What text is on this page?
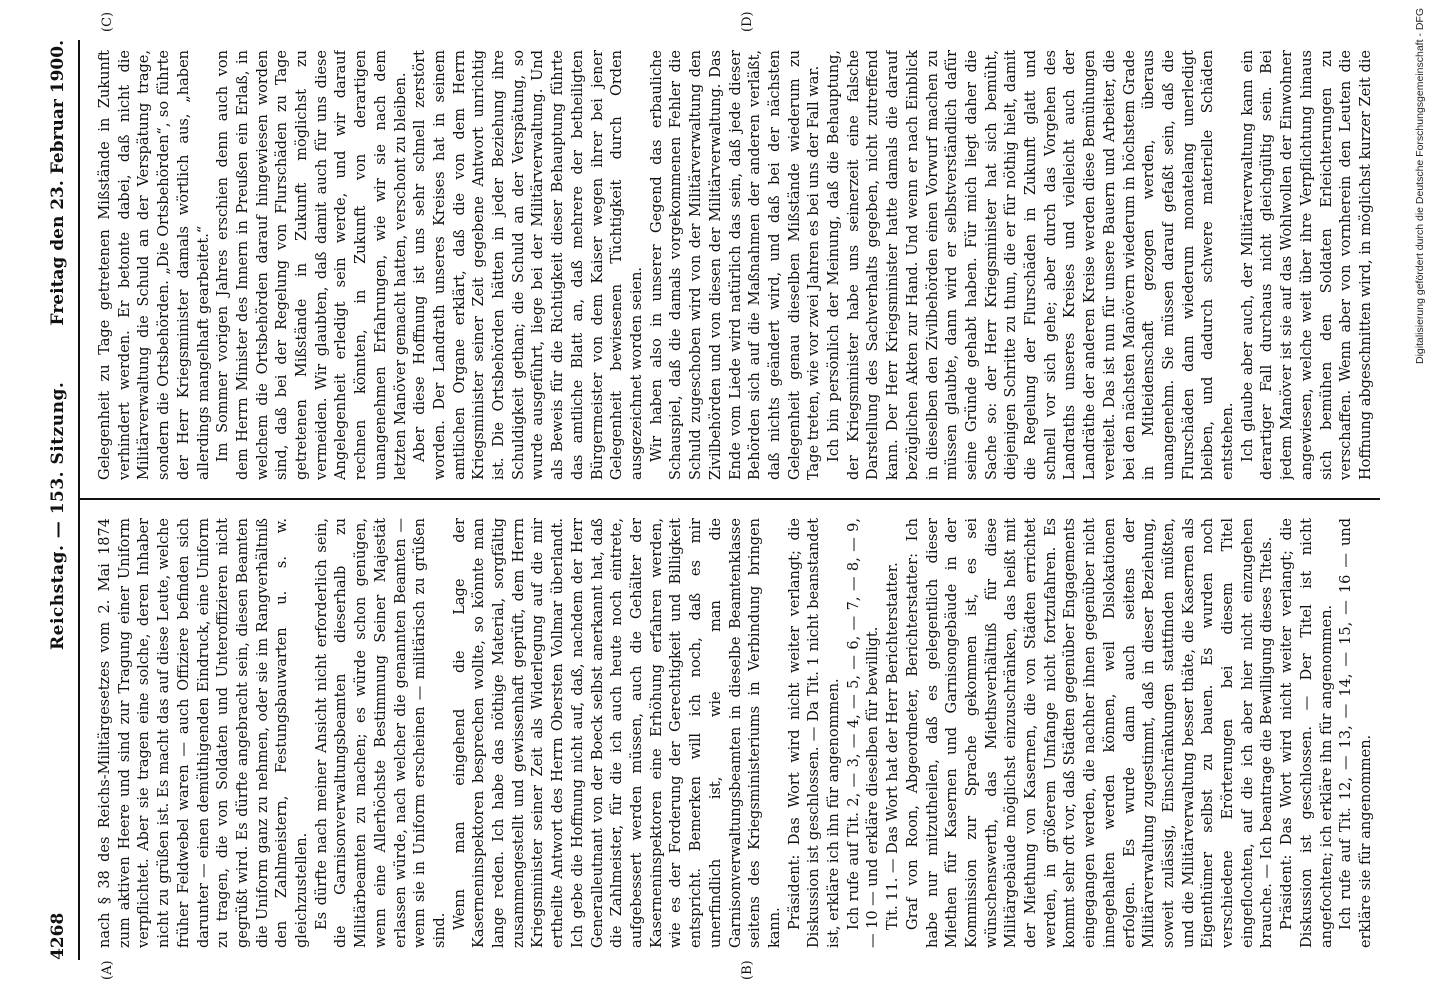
4268
Reichstag. — 153. Sitzung.
Freitag den 23. Februar 1900.
(A)	(B)
(C)	(D)

nach § 38 des Reichs-Militärgesetzes vom 2. Mai 1874 zum aktiven Heere und sind zur Tragung einer Uniform verpflichtet. Aber sie tragen eine solche, deren Inhaber nicht zu grüßen ist. Es macht das auf diese Leute, welche früher Feldwebel waren — auch Offiziere befinden sich darunter — einen demüthigenden Eindruck, eine Uniform zu tragen, die von Soldaten und Unteroffizieren nicht gegrüßt wird. Es dürfte angebracht sein, diesen Beamten die Uniform ganz zu nehmen, oder sie im Rangverhältniß den Zahlmeistern, Festungsbauwarten u. s. w. gleichzustellen. Es dürfte nach meiner Ansicht nicht erforderlich sein, die Garnisonverwaltungsbeamten dieserhalb zu Militärbeamten zu machen; es würde schon genügen, wenn eine Allerhöchste Bestimmung Seiner Majestät erlassen würde, nach welcher die genannten Beamten — wenn sie in Uniform erscheinen — militärisch zu grüßen sind.

Wenn man eingehend die Lage der Kaserneninspektoren besprechen wollte, so könnte man lange reden. Ich habe das nöthige Material, sorgfältig zusammengestellt und gewissenhaft geprüft, dem Herrn Kriegsminister seiner Zeit als Widerlegung auf die mir ertheilte Antwort des Herrn Obersten Vollmar überlandt. Ich gebe die Hoffnung nicht auf, daß, nachdem der Herr Generalleutnant von der Boeck selbst anerkannt hat, daß die Zahlmeister, für die ich auch heute noch eintrete, aufgebessert werden müssen, auch die Gehälter der Kaserneninspektoren eine Erhöhung erfahren werden, wie es der Forderung der Gerechtigkeit und Billigkeit entspricht. Bemerken will ich noch, daß es mir unerfindlich ist, wie man die Garnisonverwaltungsbeamten in dieselbe Beamtenklasse seitens des Kriegsministeriums in Verbindung bringen kann. Präsident: Das Wort wird nicht weiter verlangt; die Diskussion ist geschlossen. — Da Tit. 1 nicht beanstandet ist, erkläre ich ihn für angenommen. Ich rufe auf Tit. 2, — 3, — 4, — 5, — 6, — 7, — 8, — 9, — 10 — und erkläre dieselben für bewilligt. Tit. 11. — Das Wort hat der Herr Berichterstatter. Graf von Roon, Abgeordneter, Berichterstatter: Ich habe nur mitzutheilen, daß es gelegentlich dieser Miethen für Kasernen und Garnisongebäude in der Kommission zur Sprache gekommen ist, es sei wünschenswerth, das Miethsverhältniß für diese Militärgebäude möglichst einzuschränken, das heißt mit der Miethung von Kasernen, die von Städten errichtet werden, in größerem Umfange nicht fortzufahren. Es kommt sehr oft vor, daß Städten gegenüber Engagements eingegangen werden, die nachher ihnen gegenüber nicht innegehalten werden können, weil Dislokationen erfolgen. Es wurde dann auch seitens der Militärverwaltung zugestimmt, daß in dieser Beziehung, soweit zulässig, Einschränkungen stattfinden müßten, und die Militärverwaltung besser thäte, die Kasernen als Eigenthümer selbst zu bauen. Es wurden noch verschiedene Erörterungen bei diesem Titel eingeflochten, auf die ich aber hier nicht einzugehen brauche. — Ich beantrage die Bewilligung dieses Titels. Präsident: Das Wort wird nicht weiter verlangt; die Diskussion ist geschlossen. — Der Titel ist nicht angefochten; ich erkläre ihn für angenommen. Ich rufe auf Tit. 12, — 13, — 14, — 15, — 16 — und erkläre sie für angenommen.

Gelegenheit zu Tage getretenen Mißstände in Zukunft verhindert werden. Er betonte dabei, daß nicht die Militärverwaltung die Schuld an der Verspätung trage, sondern die Ortsbehörden. „Die Ortsbehörden“, so führte der Herr Kriegsminister damals wörtlich aus, „haben allerdings mangelhaft gearbeitet.“ Im Sommer vorigen Jahres erschien denn auch von dem Herrn Minister des Innern in Preußen ein Erlaß, in welchem die Ortsbehörden darauf hingewiesen worden sind, daß bei der Regelung von Flurschäden zu Tage getretenen Mißstände in Zukunft möglichst zu vermeiden. Wir glaubten, daß damit auch für uns diese Angelegenheit erledigt sein werde, und wir darauf rechnen könnten, in Zukunft von derartigen unangenehmen Erfahrungen, wie wir sie nach dem letzten Manöver gemacht hatten, verschont zu bleiben. Aber diese Hoffnung ist uns sehr schnell zerstört worden. Der Landrath unseres Kreises hat in seinem amtlichen Organe erklärt, daß die von dem Herrn Kriegsminister seiner Zeit gegebene Antwort unrichtig ist. Die Ortsbehörden hätten in jeder Beziehung ihre Schuldigkeit gethan; die Schuld an der Verspätung, so wurde ausgeführt, liege bei der Militärverwaltung. Und als Beweis für die Richtigkeit dieser Behauptung führte das amtliche Blatt an, daß mehrere der betheiligten Bürgermeister von dem Kaiser wegen ihrer bei jener Gelegenheit bewiesenen Tüchtigkeit durch Orden ausgezeichnet worden seien. Wir haben also in unserer Gegend das erbauliche Schauspiel, daß die damals vorgekommenen Fehler die Schuld zugeschoben wird von der Militärverwaltung den Zivilbehörden und von diesen der Militärverwaltung. Das Ende vom Liede wird natürlich das sein, daß jede dieser Behörden sich auf die Maßnahmen der anderen verläßt, daß nichts geändert wird, und daß bei der nächsten Gelegenheit genau dieselben Mißstände wiederum zu Tage treten, wie vor zwei Jahren es bei uns der Fall war. Ich bin persönlich der Meinung, daß die Behauptung, der Kriegsminister habe uns seinerzeit eine falsche Darstellung des Sachverhalts gegeben, nicht zutreffend kann. Der Herr Kriegsminister hatte damals die darauf bezüglichen Akten zur Hand. Und wenn er nach Einblick in dieselben den Zivilbehörden einen Vorwurf machen zu müssen glaubte, dann wird er selbstverständlich dafür seine Gründe gehabt haben. Für mich liegt daher die Sache so: der Herr Kriegsminister hat sich bemüht, diejenigen Schritte zu thun, die er für nöthig hielt, damit die Regelung der Flurschäden in Zukunft glatt und schnell vor sich gehe; aber durch das Vorgehen des Landraths unseres Kreises und vielleicht auch der Landräthe der anderen Kreise werden diese Bemühungen vereitelt. Das ist nun für unsere Bauern und Arbeiter, die bei den nächsten Manövern wiederum in höchstem Grade in Mitleidenschaft gezogen werden, überaus unangenehm. Sie müssen darauf gefaßt sein, daß die Flurschäden dann wiederum monatelang unerledigt bleiben, und dadurch schwere materielle Schäden entstehen. Ich glaube aber auch, der Militärverwaltung kann ein derartiger Fall durchaus nicht gleichgültig sein. Bei jedem Manöver ist sie auf das Wohlwollen der Einwohner angewiesen, welche weit über ihre Verpflichtung hinaus sich bemühen den Soldaten Erleichterungen zu verschaffen. Wenn aber von vornherein den Leuten die Hoffnung abgeschnitten wird, in möglichst kurzer Zeit die	Digitalisierung gefördert durch die Deutsche Forschungsgemeinschaft - DFG
